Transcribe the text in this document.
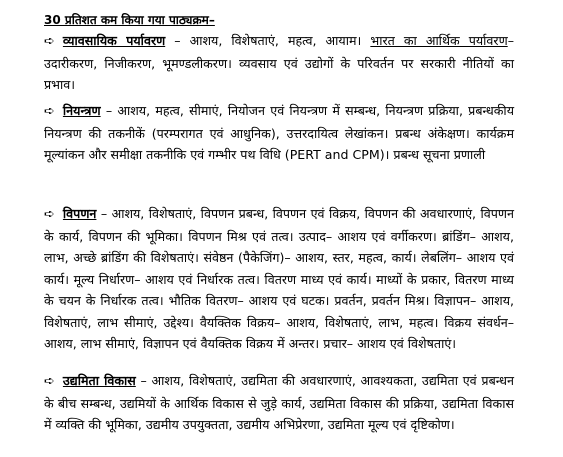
30 प्रतिशत कम किया गया पाठ्यक्रम–
➪ व्यावसायिक पर्यावरण – आशय, विशेषताएं, महत्व, आयाम। भारत का आर्थिक पर्यावरण– उदारीकरण, निजीकरण, भूमण्डलीकरण। व्यवसाय एवं उद्योगों के परिवर्तन पर सरकारी नीतियों का प्रभाव।
➪ नियन्त्रण – आशय, महत्व, सीमाएं, नियोजन एवं नियन्त्रण में सम्बन्ध, नियन्त्रण प्रक्रिया, प्रबन्धकीय नियन्त्रण की तकनीकें (परम्परागत एवं आधुनिक), उत्तरदायित्व लेखांकन। प्रबन्ध अंकेक्षण। कार्यक्रम मूल्यांकन और समीक्षा तकनीकि एवं गम्भीर पथ विधि (PERT and CPM)। प्रबन्ध सूचना प्रणाली
➪ विपणन – आशय, विशेषताएं, विपणन प्रबन्ध, विपणन एवं विक्रय, विपणन की अवधारणाएं, विपणन के कार्य, विपणन की भूमिका। विपणन मिश्र एवं तत्व। उत्पाद– आशय एवं वर्गीकरण। ब्रांडिंग– आशय, लाभ, अच्छे ब्रांडिंग की विशेषताएं। संवेष्ठन (पैकेजिंग)– आशय, स्तर, महत्व, कार्य। लेबलिंग– आशय एवं कार्य। मूल्य निर्धारण– आशय एवं निर्धारक तत्व। वितरण माध्य एवं कार्य। माध्यों के प्रकार, वितरण माध्य के चयन के निर्धारक तत्व। भौतिक वितरण– आशय एवं घटक। प्रवर्तन, प्रवर्तन मिश्र। विज्ञापन– आशय, विशेषताएं, लाभ सीमाएं, उद्देश्य। वैयक्तिक विक्रय– आशय, विशेषताएं, लाभ, महत्व। विक्रय संवर्धन– आशय, लाभ सीमाएं, विज्ञापन एवं वैयक्तिक विक्रय में अन्तर। प्रचार– आशय एवं विशेषताएं।
➪ उद्यमिता विकास – आशय, विशेषताएं, उद्यमिता की अवधारणाएं, आवश्यकता, उद्यमिता एवं प्रबन्धन के बीच सम्बन्ध, उद्यमियों के आर्थिक विकास से जुड़े कार्य, उद्यमिता विकास की प्रक्रिया, उद्यमिता विकास में व्यक्ति की भूमिका, उद्यमीय उपयुक्तता, उद्यमीय अभिप्रेरणा, उद्यमिता मूल्य एवं दृष्टिकोण।
